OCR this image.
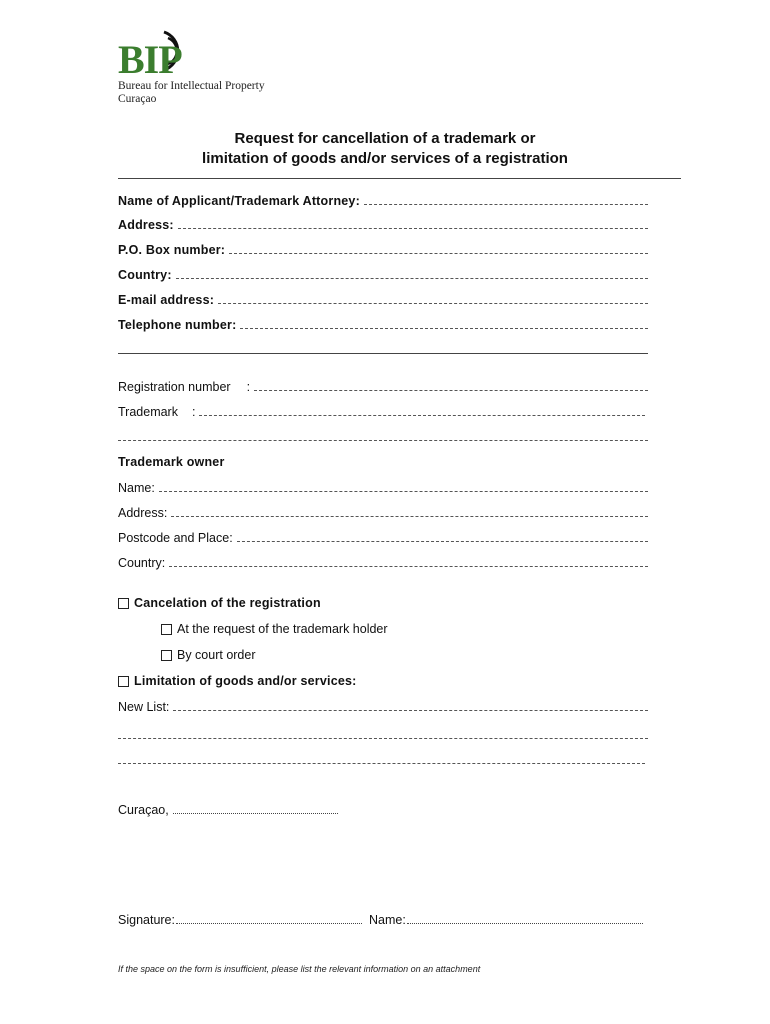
BIP
Bureau for Intellectual Property
Curaçao
Request for cancellation of a trademark or
limitation of goods and/or services of a registration
Name of Applicant/Trademark Attorney:
Address:
P.O. Box number:
Country:
E-mail address:
Telephone number:
Registration number	:
Trademark	:
Trademark owner
Name:
Address:
Postcode and Place:
Country:
Cancelation of the registration
At the request of the trademark holder
By court order
Limitation of goods and/or services:
New List:
Curaçao,
Signature:	Name:
If the space on the form is insufficient, please list the relevant information on an attachment
